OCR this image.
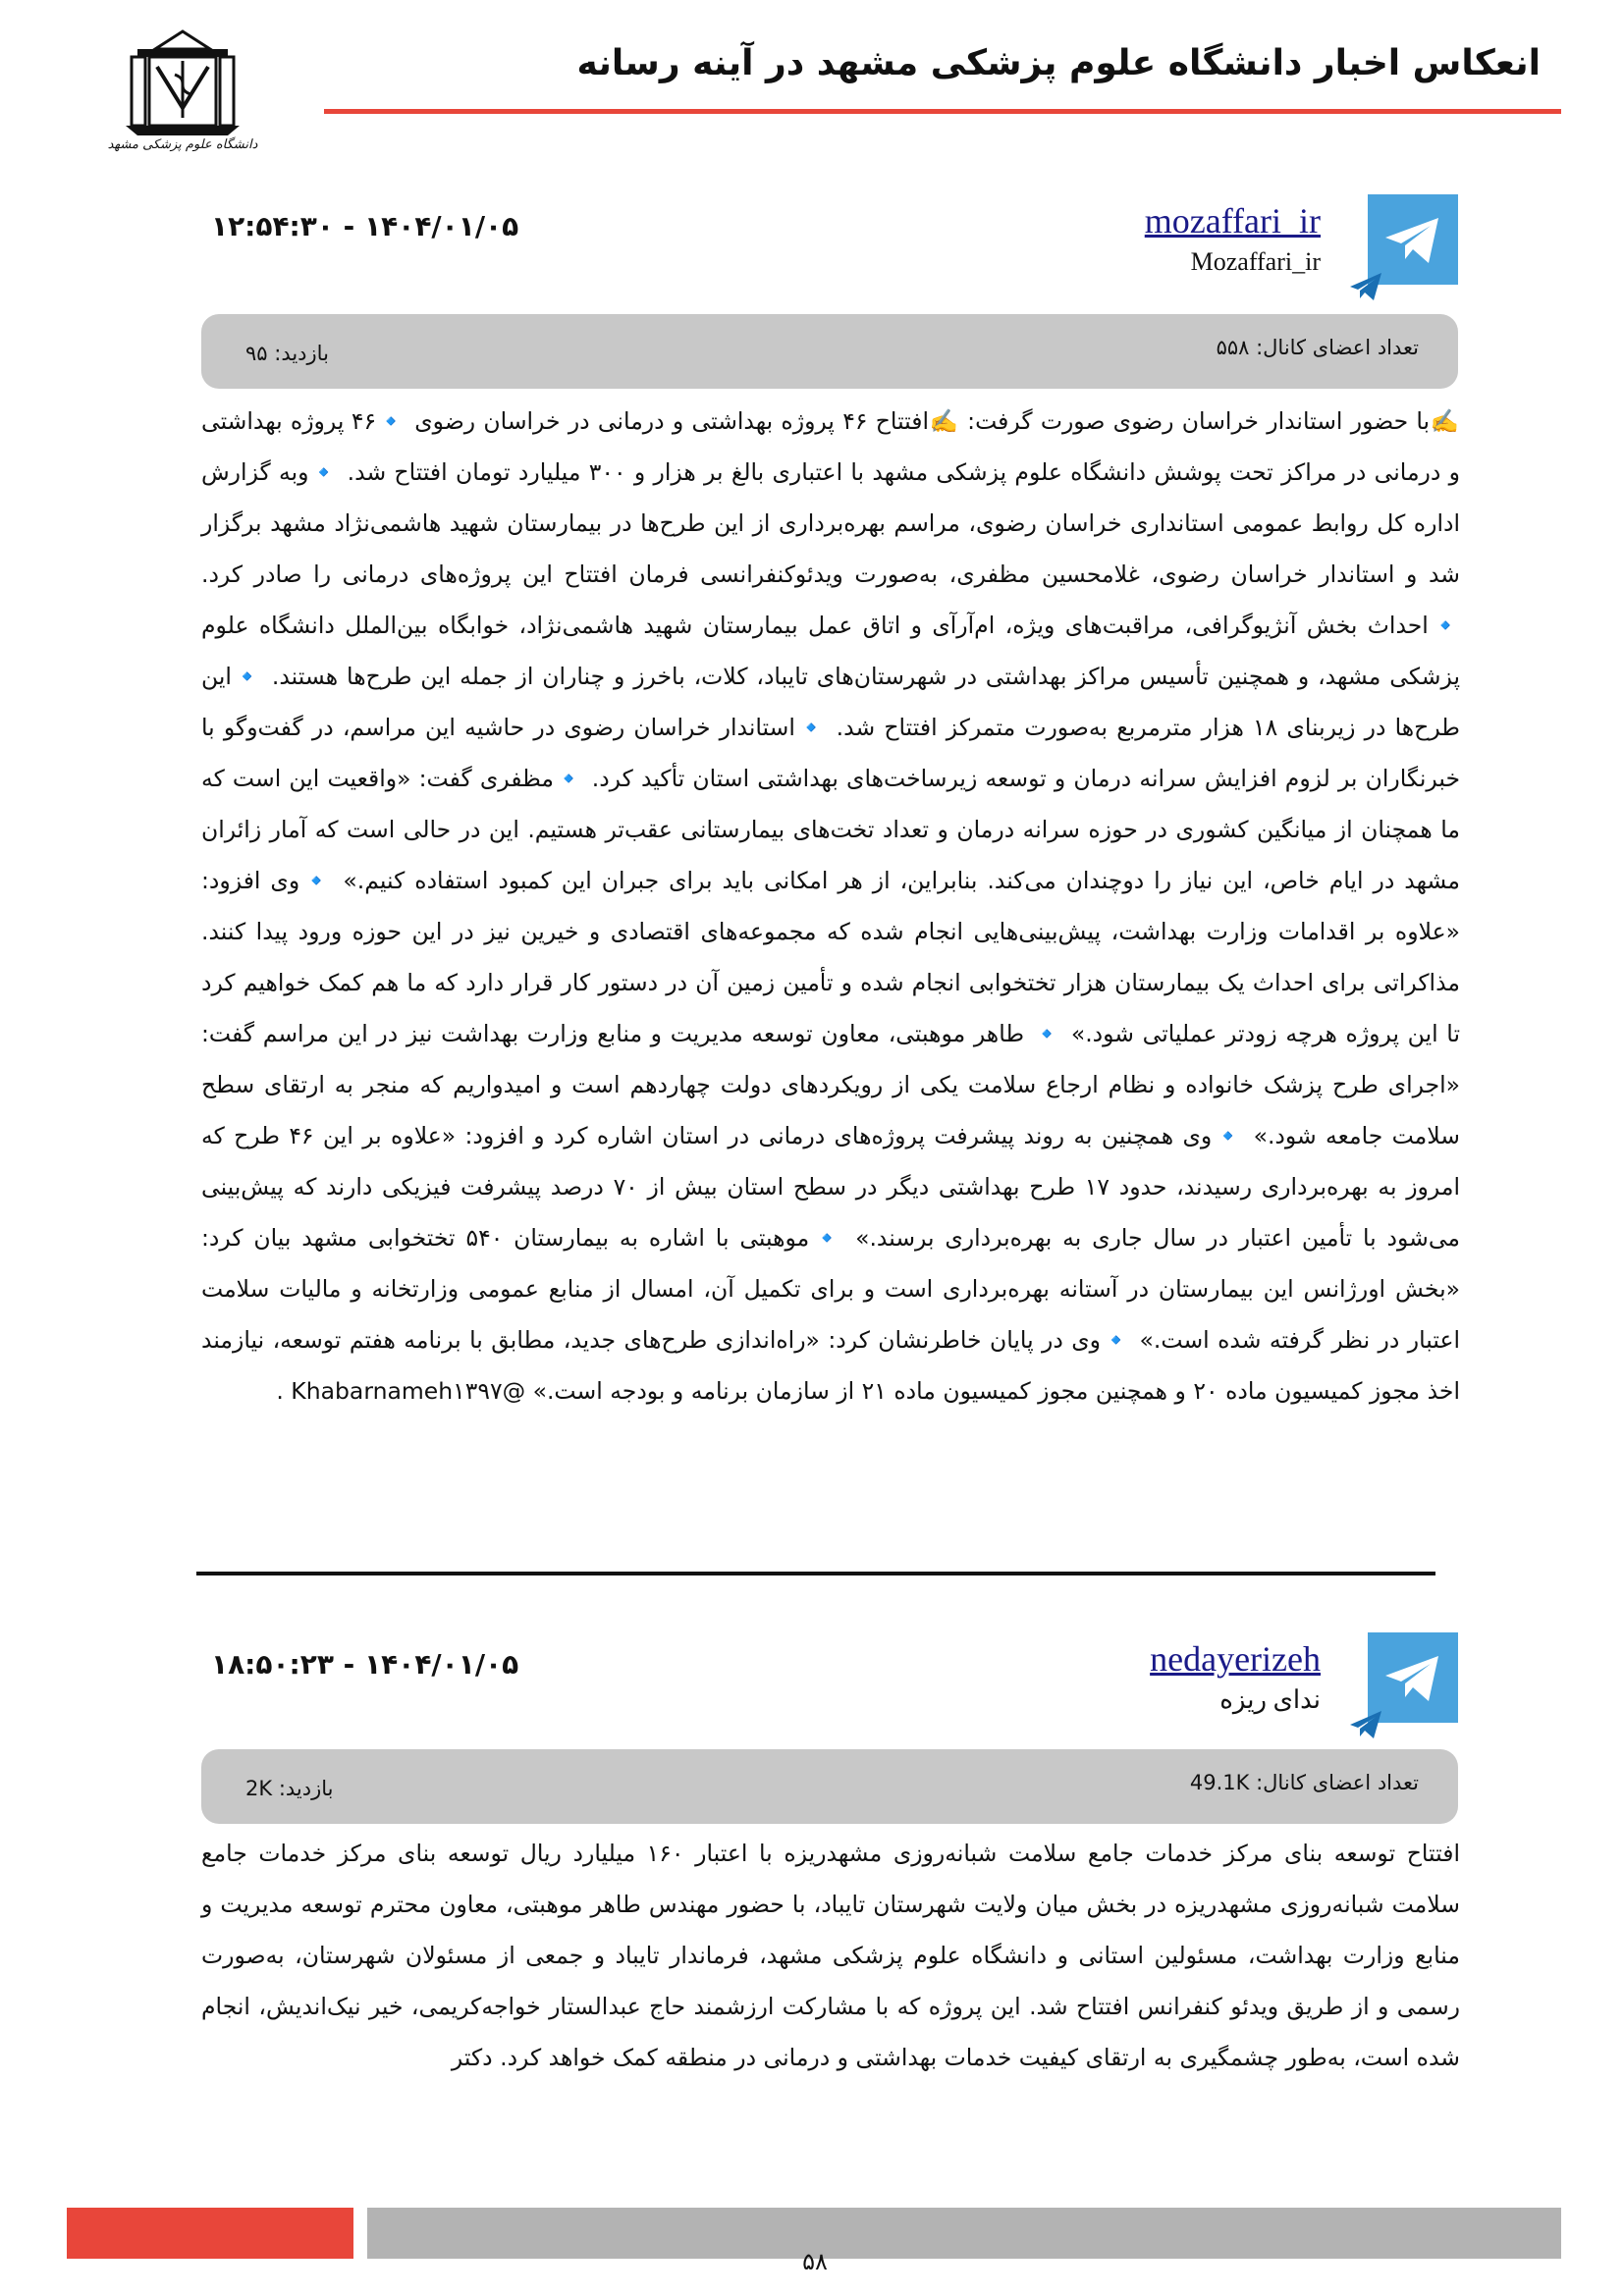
انعکاس اخبار دانشگاه علوم پزشکی مشهد در آینه رسانه
دانشگاه علوم پزشکی مشهد
mozaffari_ir
Mozaffari_ir
۱۴۰۴/۰۱/۰۵ - ۱۲:۵۴:۳۰
تعداد اعضای کانال: ۵۵۸
بازدید: ۹۵
✍️با حضور استاندار خراسان رضوی صورت گرفت: ✍️افتتاح ۴۶ پروژه بهداشتی و درمانی در خراسان رضوی 🔹۴۶ پروژه بهداشتی و درمانی در مراکز تحت پوشش دانشگاه علوم پزشکی مشهد با اعتباری بالغ بر هزار و ۳۰۰ میلیارد تومان افتتاح شد. 🔹وبه گزارش اداره کل روابط عمومی استانداری خراسان رضوی، مراسم بهره‌برداری از این طرح‌ها در بیمارستان شهید هاشمی‌نژاد مشهد برگزار شد و استاندار خراسان رضوی، غلامحسین مظفری، به‌صورت ویدئوکنفرانسی فرمان افتتاح این پروژه‌های درمانی را صادر کرد. 🔹احداث بخش آنژیوگرافی، مراقبت‌های ویژه، ام‌آر‌آی و اتاق عمل بیمارستان شهید هاشمی‌نژاد، خوابگاه بین‌الملل دانشگاه علوم پزشکی مشهد، و همچنین تأسیس مراکز بهداشتی در شهرستان‌های تایباد، کلات، باخرز و چناران از جمله این طرح‌ها هستند. 🔹این طرح‌ها در زیربنای ۱۸ هزار مترمربع به‌صورت متمرکز افتتاح شد. 🔹استاندار خراسان رضوی در حاشیه این مراسم، در گفت‌وگو با خبرنگاران بر لزوم افزایش سرانه درمان و توسعه زیرساخت‌های بهداشتی استان تأکید کرد. 🔹مظفری گفت: «واقعیت این است که ما همچنان از میانگین کشوری در حوزه سرانه درمان و تعداد تخت‌های بیمارستانی عقب‌تر هستیم. این در حالی است که آمار زائران مشهد در ایام خاص، این نیاز را دوچندان می‌کند. بنابراین، از هر امکانی باید برای جبران این کمبود استفاده کنیم.» 🔹وی افزود: «علاوه بر اقدامات وزارت بهداشت، پیش‌بینی‌هایی انجام شده که مجموعه‌های اقتصادی و خیرین نیز در این حوزه ورود پیدا کنند. مذاکراتی برای احداث یک بیمارستان هزار تختخوابی انجام شده و تأمین زمین آن در دستور کار قرار دارد که ما هم کمک خواهیم کرد تا این پروژه هرچه زودتر عملیاتی شود.» 🔹 طاهر موهبتی، معاون توسعه مدیریت و منابع وزارت بهداشت نیز در این مراسم گفت: «اجرای طرح پزشک خانواده و نظام ارجاع سلامت یکی از رویکردهای دولت چهاردهم است و امیدواریم که منجر به ارتقای سطح سلامت جامعه شود.» 🔹وی همچنین به روند پیشرفت پروژه‌های درمانی در استان اشاره کرد و افزود: «علاوه بر این ۴۶ طرح که امروز به بهره‌برداری رسیدند، حدود ۱۷ طرح بهداشتی دیگر در سطح استان بیش از ۷۰ درصد پیشرفت فیزیکی دارند که پیش‌بینی می‌شود با تأمین اعتبار در سال جاری به بهره‌برداری برسند.» 🔹موهبتی با اشاره به بیمارستان ۵۴۰ تختخوابی مشهد بیان کرد: «بخش اورژانس این بیمارستان در آستانه بهره‌برداری است و برای تکمیل آن، امسال از منابع عمومی وزارتخانه و مالیات سلامت اعتبار در نظر گرفته شده است.» 🔹وی در پایان خاطرنشان کرد: «راه‌اندازی طرح‌های جدید، مطابق با برنامه هفتم توسعه، نیازمند اخذ مجوز کمیسیون ماده ۲۰ و همچنین مجوز کمیسیون ماده ۲۱ از سازمان برنامه و بودجه است.» @Khabarnameh۱۳۹۷ .
nedayerizeh
ندای ریزه
۱۴۰۴/۰۱/۰۵ - ۱۸:۵۰:۲۳
تعداد اعضای کانال: 49.1K
بازدید: 2K
افتتاح توسعه بنای مرکز خدمات جامع سلامت شبانه‌روزی مشهدریزه با اعتبار ۱۶۰ میلیارد ریال توسعه بنای مرکز خدمات جامع سلامت شبانه‌روزی مشهدریزه در بخش میان ولایت شهرستان تایباد، با حضور مهندس طاهر موهبتی، معاون محترم توسعه مدیریت و منابع وزارت بهداشت، مسئولین استانی و دانشگاه علوم پزشکی مشهد، فرماندار تایباد و جمعی از مسئولان شهرستان، به‌صورت رسمی و از طریق ویدئو کنفرانس افتتاح شد. این پروژه که با مشارکت ارزشمند حاج عبدالستار خواجه‌کریمی، خیر نیک‌اندیش، انجام شده است، به‌طور چشمگیری به ارتقای کیفیت خدمات بهداشتی و درمانی در منطقه کمک خواهد کرد. دکتر
۵۸
